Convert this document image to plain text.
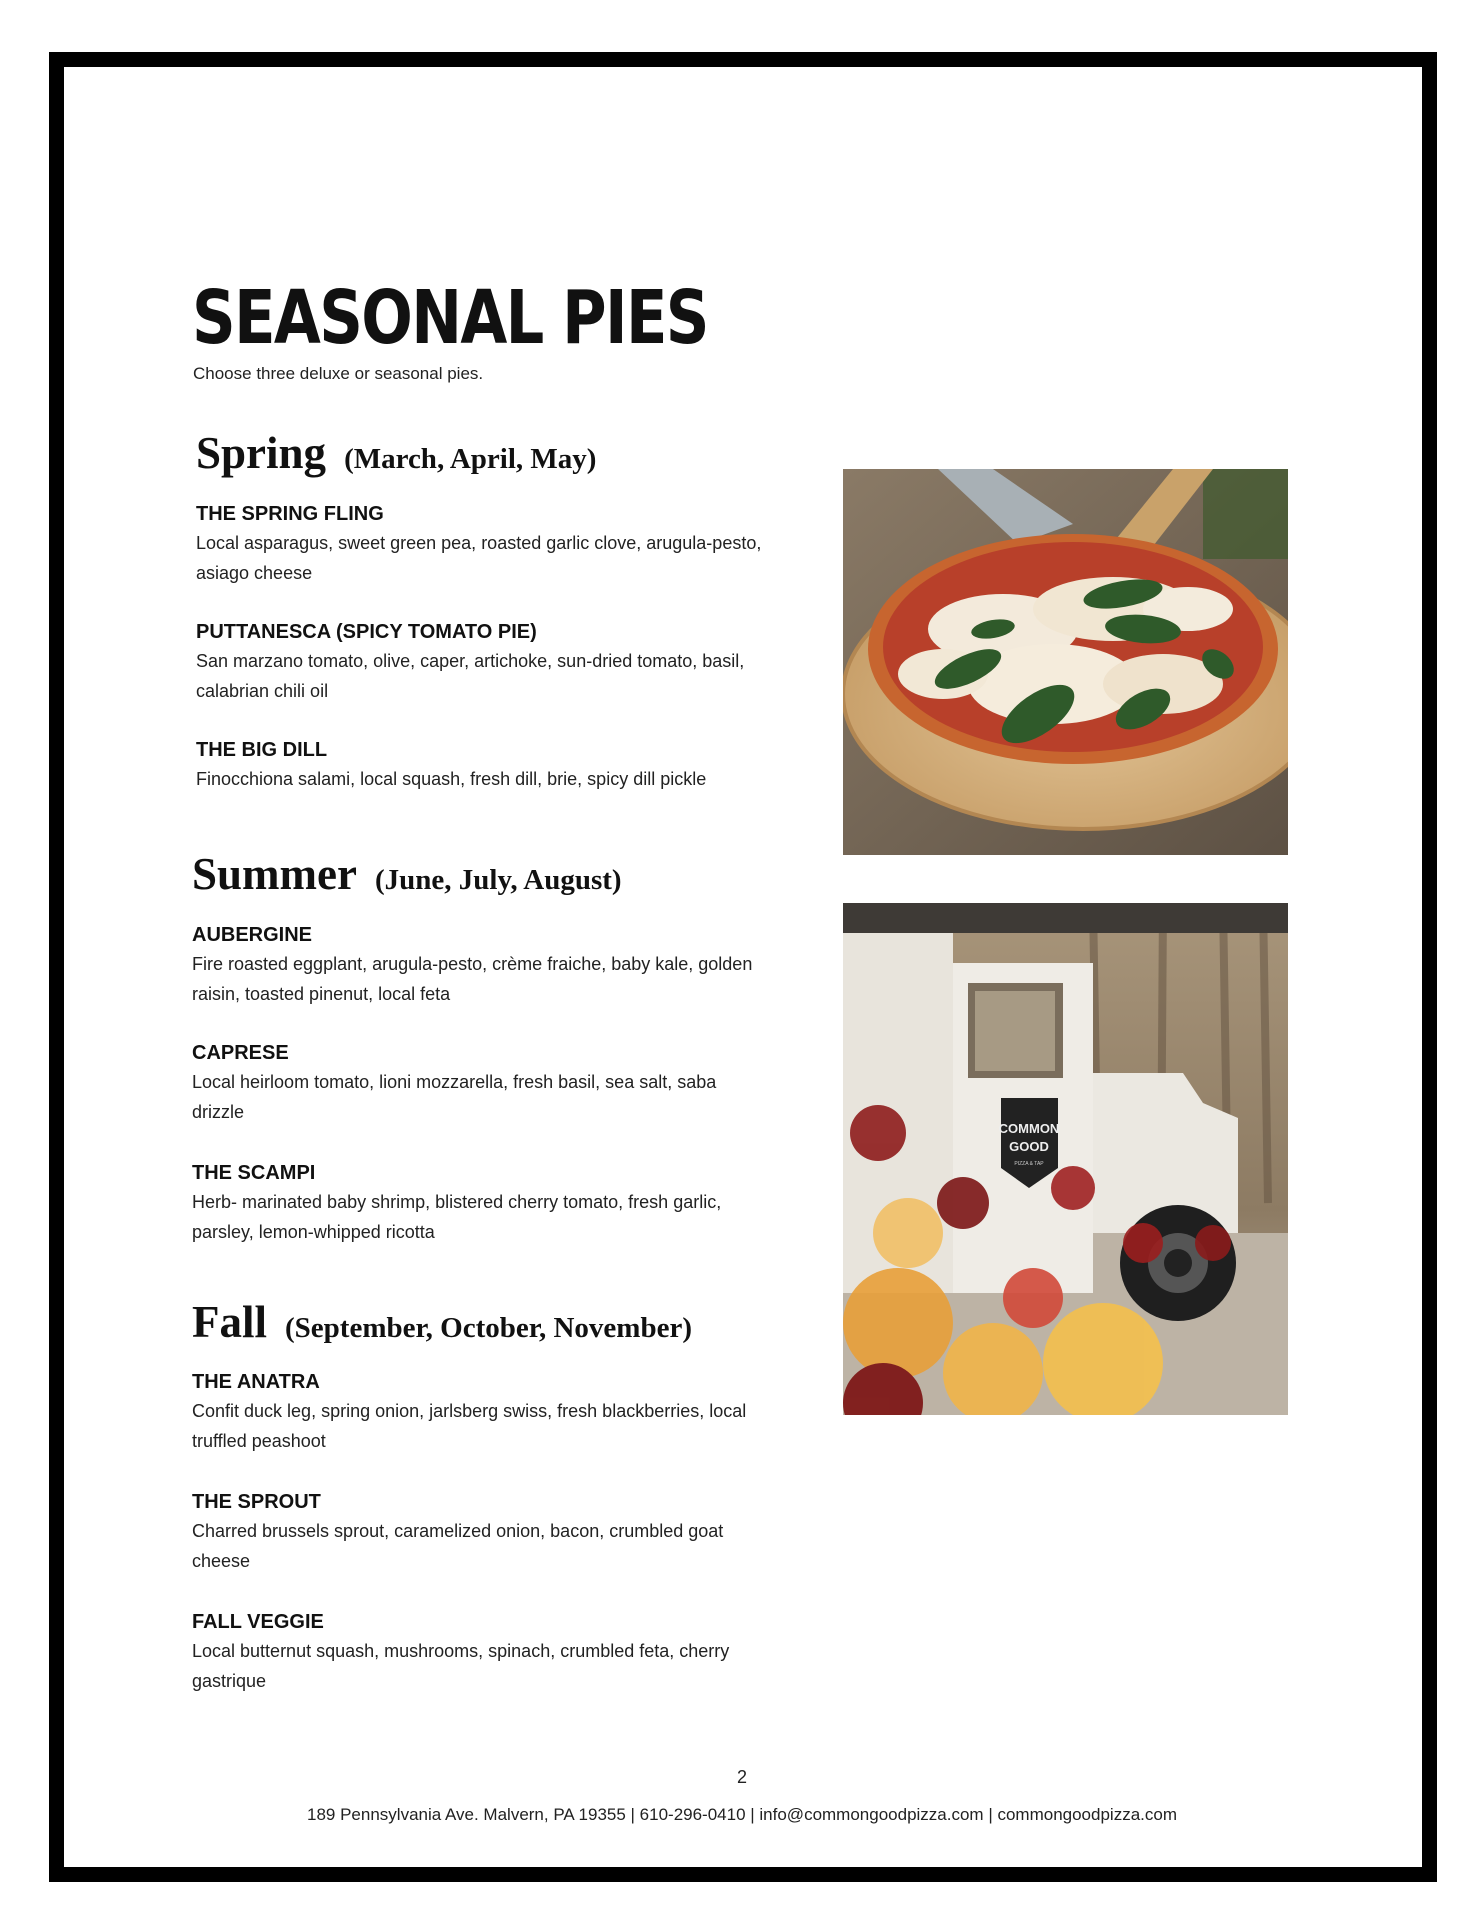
SEASONAL PIES
Choose three deluxe or seasonal pies.
Spring (March, April, May)
THE SPRING FLING
Local asparagus, sweet green pea, roasted garlic clove, arugula-pesto, asiago cheese
PUTTANESCA (SPICY TOMATO PIE)
San marzano tomato, olive, caper, artichoke, sun-dried tomato, basil, calabrian chili oil
THE BIG DILL
Finocchiona salami, local squash, fresh dill, brie, spicy dill pickle
Summer (June, July, August)
AUBERGINE
Fire roasted eggplant, arugula-pesto, crème fraiche, baby kale, golden raisin, toasted pinenut, local feta
CAPRESE
Local heirloom tomato, lioni mozzarella, fresh basil, sea salt, saba drizzle
THE SCAMPI
Herb- marinated baby shrimp, blistered cherry tomato, fresh garlic, parsley, lemon-whipped ricotta
Fall (September, October, November)
THE ANATRA
Confit duck leg, spring onion, jarlsberg swiss, fresh blackberries, local truffled peashoot
THE SPROUT
Charred brussels sprout, caramelized onion, bacon, crumbled goat cheese
FALL VEGGIE
Local butternut squash, mushrooms, spinach, crumbled feta, cherry gastrique
COMMON
GOOD
PIZZA & TAP
2
189 Pennsylvania Ave. Malvern, PA 19355 | 610-296-0410 | info@commongoodpizza.com | commongoodpizza.com
